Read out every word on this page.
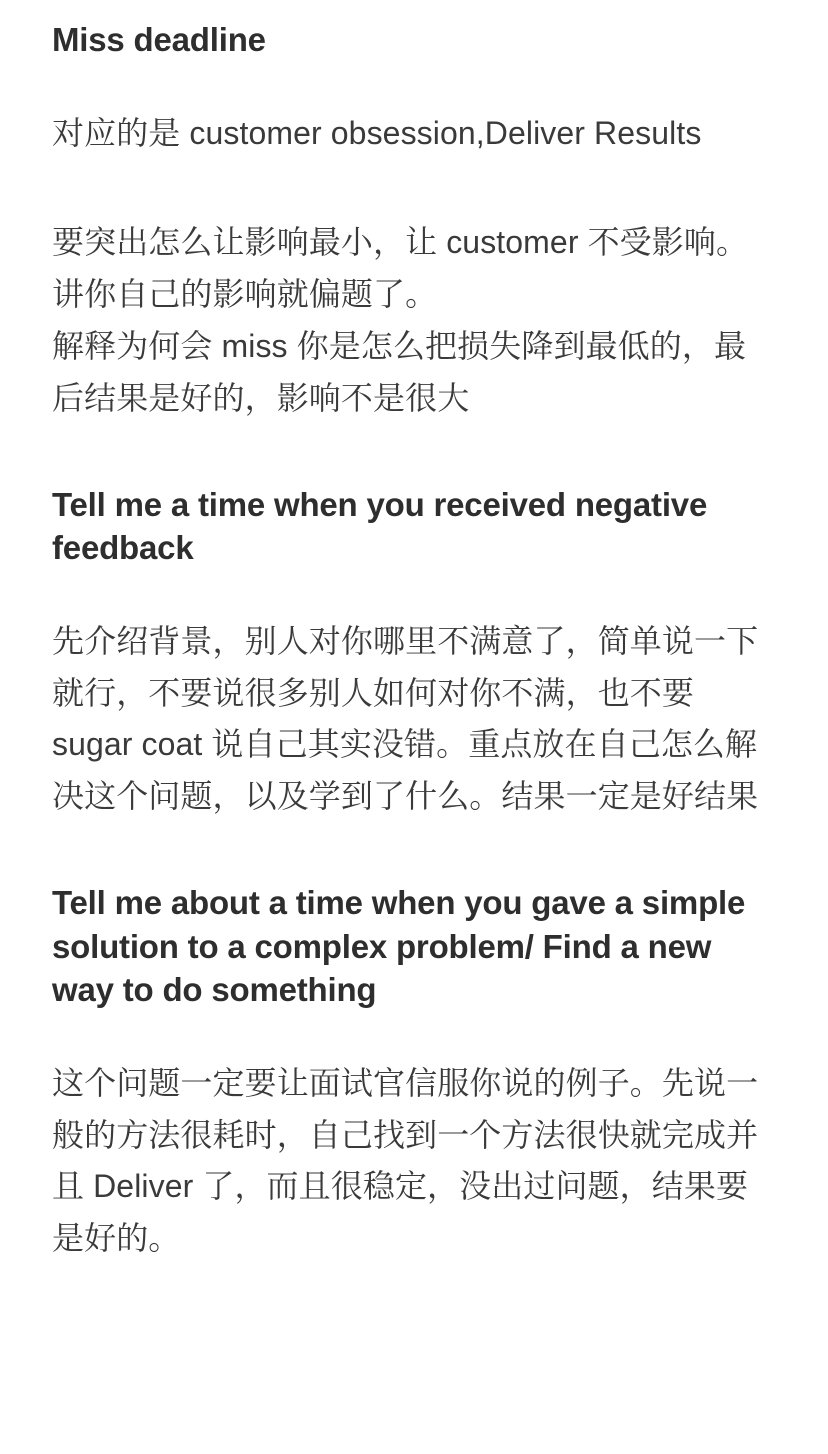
Miss deadline

对应的是 customer obsession,Deliver Results

要突出怎么让影响最小，让 customer 不受影响。讲你自己的影响就偏题了。

解释为何会 miss 你是怎么把损失降到最低的，最后结果是好的，影响不是很大

Tell me a time when you received negative feedback

先介绍背景，别人对你哪里不满意了，简单说一下就行，不要说很多别人如何对你不满，也不要 sugar coat 说自己其实没错。重点放在自己怎么解决这个问题，以及学到了什么。结果一定是好结果

Tell me about a time when you gave a simple solution to a complex problem/ Find a new way to do something

这个问题一定要让面试官信服你说的例子。先说一般的方法很耗时，自己找到一个方法很快就完成并且 Deliver 了，而且很稳定，没出过问题，结果要是好的。
